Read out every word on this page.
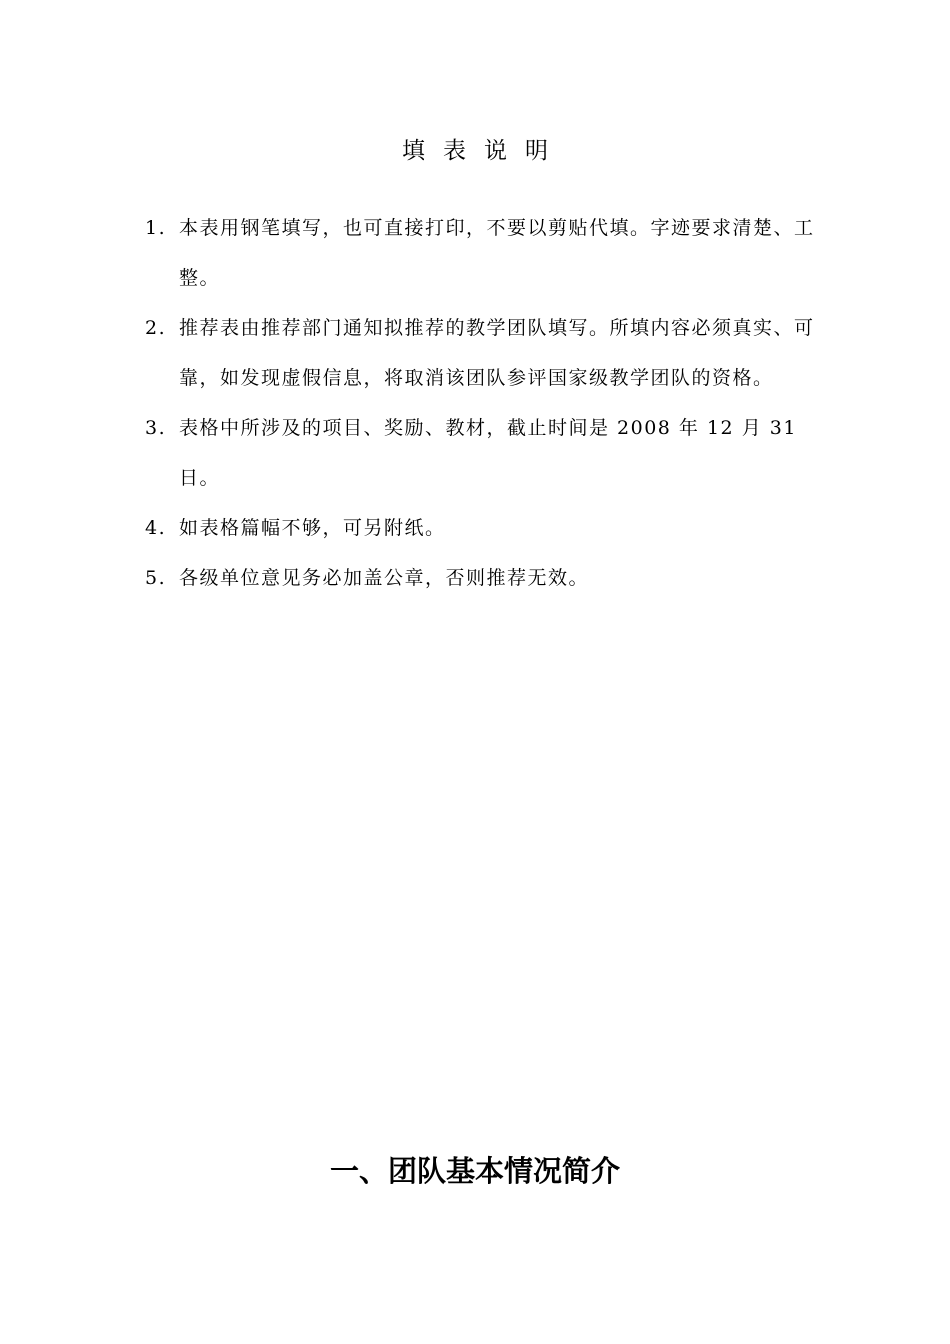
填表说明
1. 本表用钢笔填写，也可直接打印，不要以剪贴代填。字迹要求清楚、工整。
2. 推荐表由推荐部门通知拟推荐的教学团队填写。所填内容必须真实、可靠，如发现虚假信息，将取消该团队参评国家级教学团队的资格。
3. 表格中所涉及的项目、奖励、教材，截止时间是 2008 年 12 月 31 日。
4. 如表格篇幅不够，可另附纸。
5. 各级单位意见务必加盖公章，否则推荐无效。
一、团队基本情况简介
